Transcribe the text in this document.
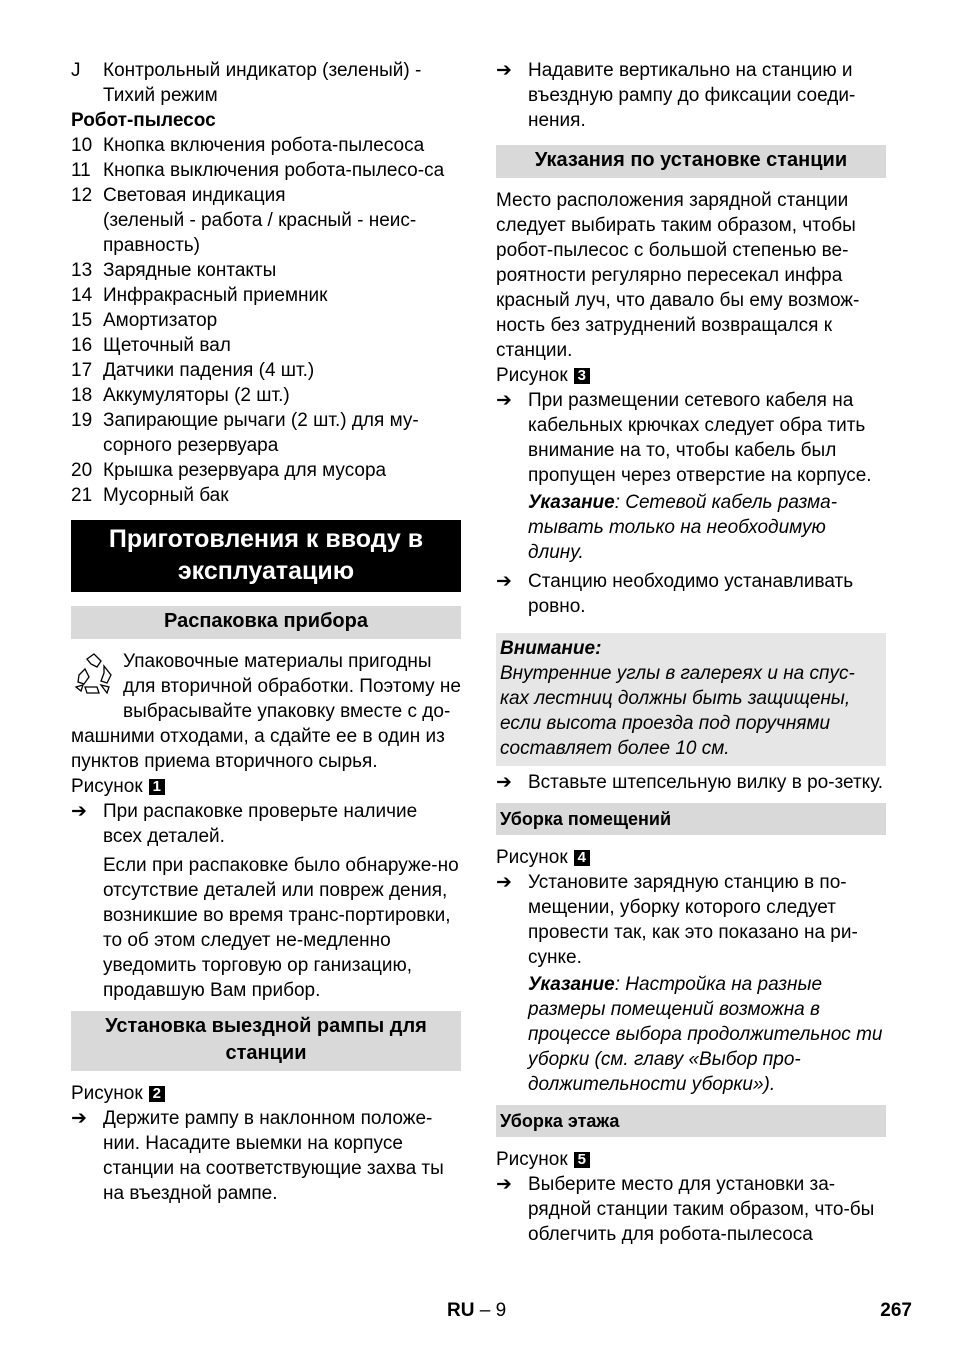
J	Контрольный индикатор (зеленый) - Тихий режим
Робот-пылесос
10 Кнопка включения робота-пылесоса
11 Кнопка выключения робота-пылесо-са
12 Световая индикация
(зеленый - работа / красный - неис-правность)
13 Зарядные контакты
14 Инфракрасный приемник
15 Амортизатор
16 Щеточный вал
17 Датчики падения (4 шт.)
18 Аккумуляторы (2 шт.)
19 Запирающие рычаги (2 шт.) для му-сорного резервуара
20 Крышка резервуара для мусора
21 Мусорный бак
Приготовления к вводу в эксплуатацию
Распаковка прибора
Упаковочные материалы пригодны для вторичной обработки. Поэтому не выбрасывайте упаковку вместе с до-машними отходами, а сдайте ее в один из пунктов приема вторичного сырья.
Рисунок 1
➔ При распаковке проверьте наличие всех деталей.
Если при распаковке было обнаруже-но отсутствие деталей или повреж дения, возникшие во время транс-портировки, то об этом следует не-медленно уведомить торговую ор ганизацию, продавшую Вам прибор.
Установка выездной рампы для станции
Рисунок 2
➔ Держите рампу в наклонном положе-нии. Насадите выемки на корпусе станции на соответствующие захва ты на въездной рампе.
➔ Надавите вертикально на станцию и въездную рампу до фиксации соеди-нения.
Указания по установке станции
Место расположения зарядной станции следует выбирать таким образом, чтобы робот-пылесос с большой степенью ве-роятности регулярно пересекал инфра красный луч, что давало бы ему возмож-ность без затруднений возвращался к станции.
Рисунок 3
➔ При размещении сетевого кабеля на кабельных крючках следует обра тить внимание на то, чтобы кабель был пропущен через отверстие на корпусе.
Указание: Сетевой кабель разма-тывать только на необходимую длину.
➔ Станцию необходимо устанавливать ровно.
Внимание:
Внутренние углы в галереях и на спус-ках лестниц должны быть защищены, если высота проезда под поручнями составляет более 10 см.
➔ Вставьте штепсельную вилку в ро-зетку.
Уборка помещений
Рисунок 4
➔ Установите зарядную станцию в по-мещении, уборку которого следует провести так, как это показано на ри-сунке.
Указание: Настройка на разные размеры помещений возможна в процессе выбора продолжительнос ти уборки (см. главу «Выбор про-должительности уборки»).
Уборка этажа
Рисунок 5
➔ Выберите место для установки за-рядной станции таким образом, что-бы облегчить для робота-пылесоса
RU – 9	267
